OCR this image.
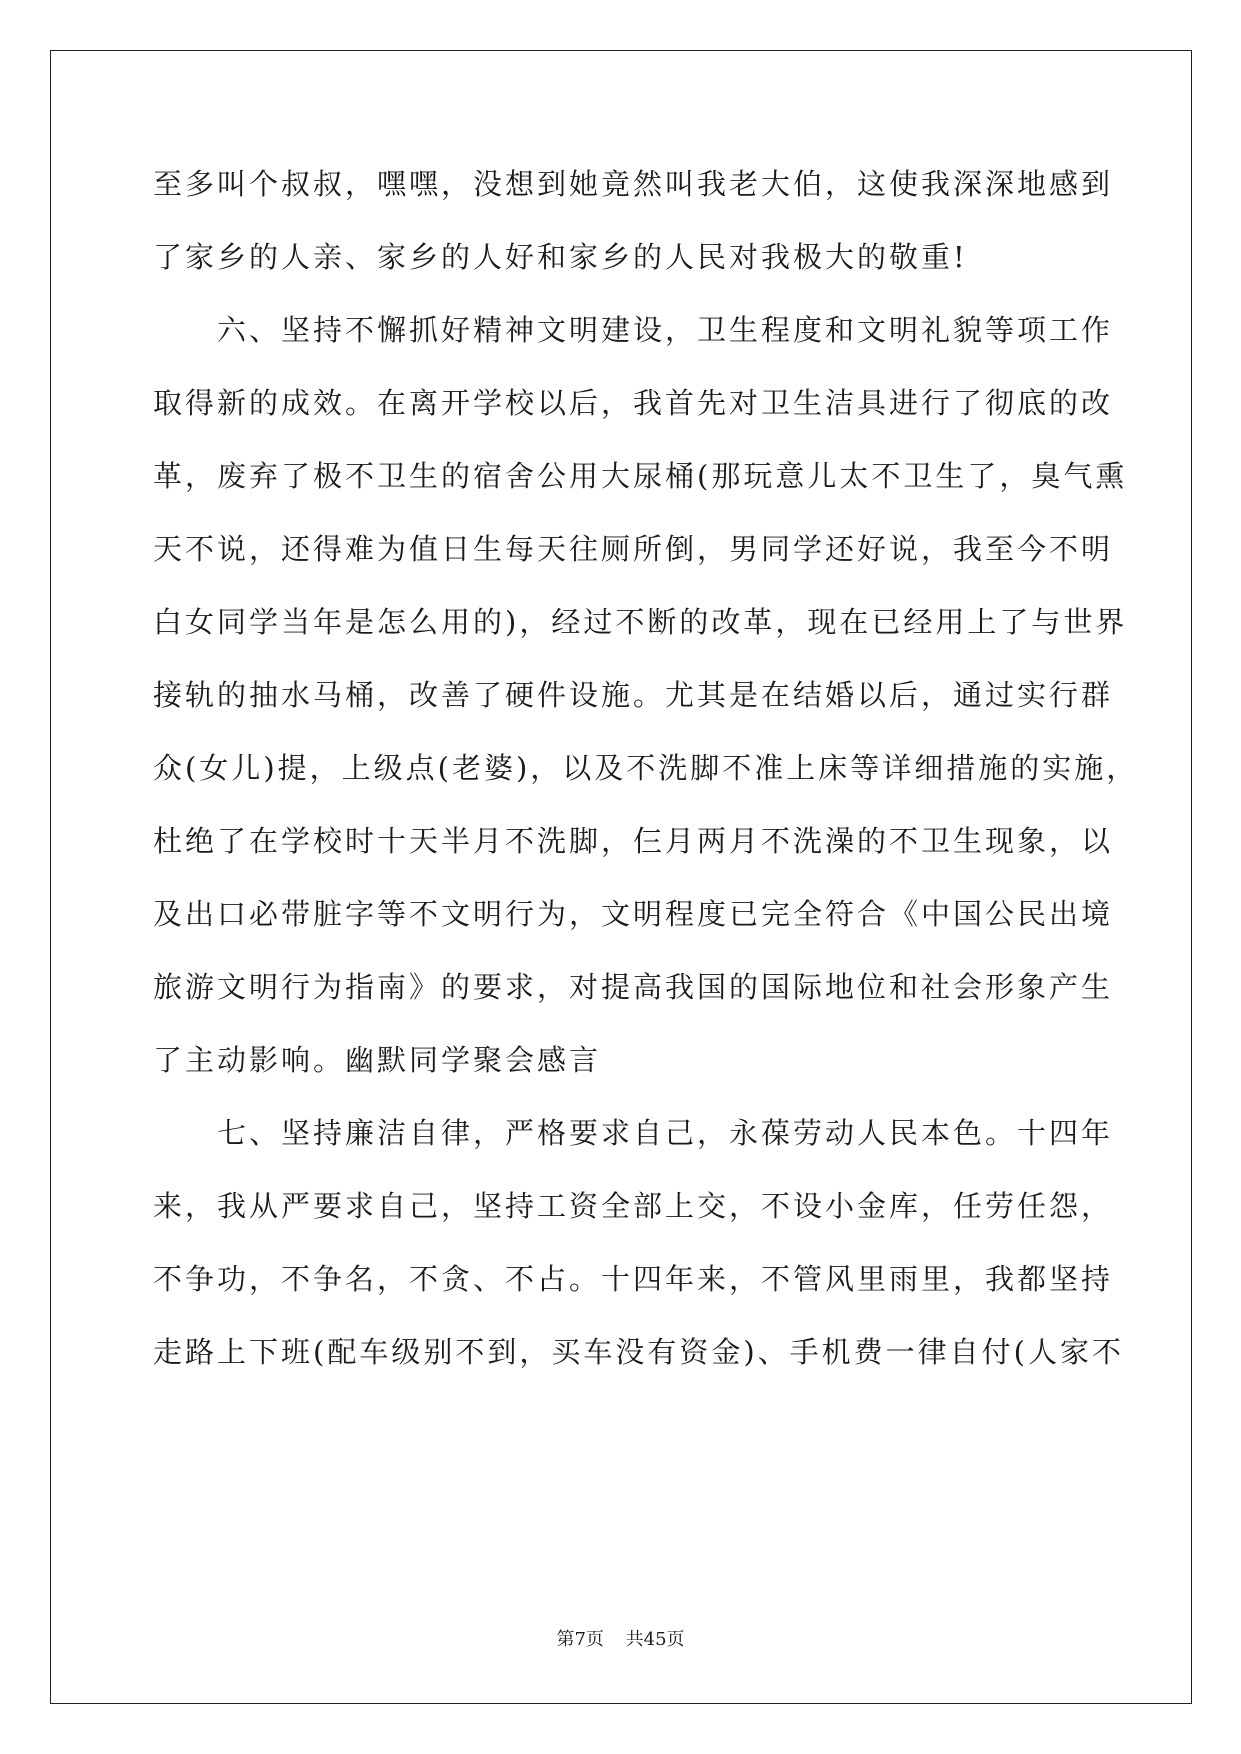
至多叫个叔叔，嘿嘿，没想到她竟然叫我老大伯，这使我深深地感到
了家乡的人亲、家乡的人好和家乡的人民对我极大的敬重!
　　六、坚持不懈抓好精神文明建设，卫生程度和文明礼貌等项工作
取得新的成效。在离开学校以后，我首先对卫生洁具进行了彻底的改
革，废弃了极不卫生的宿舍公用大尿桶(那玩意儿太不卫生了，臭气熏
天不说，还得难为值日生每天往厕所倒，男同学还好说，我至今不明
白女同学当年是怎么用的)，经过不断的改革，现在已经用上了与世界
接轨的抽水马桶，改善了硬件设施。尤其是在结婚以后，通过实行群
众(女儿)提，上级点(老婆)，以及不洗脚不准上床等详细措施的实施，
杜绝了在学校时十天半月不洗脚，仨月两月不洗澡的不卫生现象，以
及出口必带脏字等不文明行为，文明程度已完全符合《中国公民出境
旅游文明行为指南》的要求，对提高我国的国际地位和社会形象产生
了主动影响。幽默同学聚会感言
　　七、坚持廉洁自律，严格要求自己，永葆劳动人民本色。十四年
来，我从严要求自己，坚持工资全部上交，不设小金库，任劳任怨，
不争功，不争名，不贪、不占。十四年来，不管风里雨里，我都坚持
走路上下班(配车级别不到，买车没有资金)、手机费一律自付(人家不
第7页 共45页
